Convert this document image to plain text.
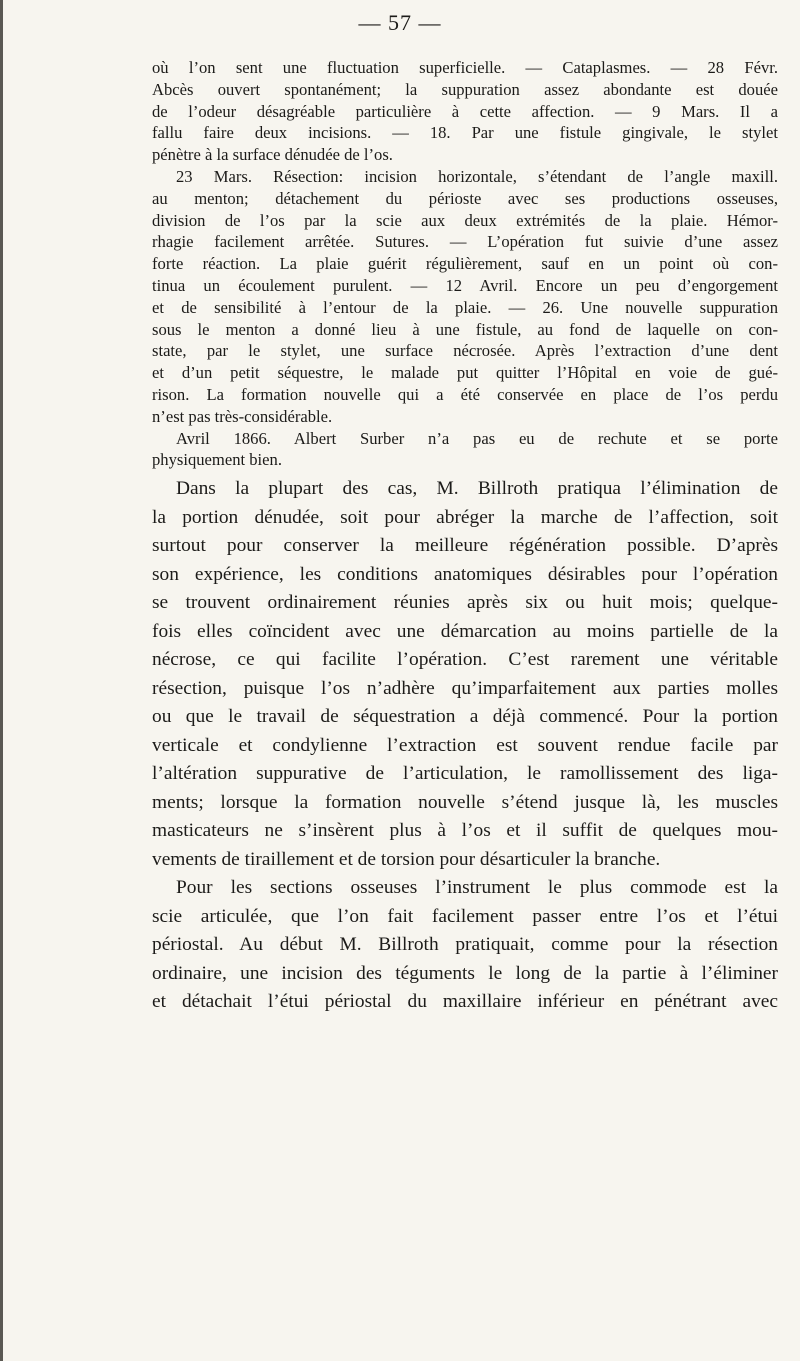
— 57 —
où l’on sent une fluctuation superficielle. — Cataplasmes. — 28 Févr.
Abcès ouvert spontanément; la suppuration assez abondante est douée
de l’odeur désagréable particulière à cette affection. — 9 Mars. Il a
fallu faire deux incisions. — 18. Par une fistule gingivale, le stylet
pénètre à la surface dénudée de l’os.
23 Mars. Résection: incision horizontale, s’étendant de l’angle maxill.
au menton; détachement du périoste avec ses productions osseuses,
division de l’os par la scie aux deux extrémités de la plaie. Hémor-
rhagie facilement arrêtée. Sutures. — L’opération fut suivie d’une assez
forte réaction. La plaie guérit régulièrement, sauf en un point où con-
tinua un écoulement purulent. — 12 Avril. Encore un peu d’engorgement
et de sensibilité à l’entour de la plaie. — 26. Une nouvelle suppuration
sous le menton a donné lieu à une fistule, au fond de laquelle on con-
state, par le stylet, une surface nécrosée. Après l’extraction d’une dent
et d’un petit séquestre, le malade put quitter l’Hôpital en voie de gué-
rison. La formation nouvelle qui a été conservée en place de l’os perdu
n’est pas très-considérable.
Avril 1866. Albert Surber n’a pas eu de rechute et se porte
physiquement bien.
Dans la plupart des cas, M. Billroth pratiqua l’élimination de
la portion dénudée, soit pour abréger la marche de l’affection, soit
surtout pour conserver la meilleure régénération possible. D’après
son expérience, les conditions anatomiques désirables pour l’opération
se trouvent ordinairement réunies après six ou huit mois; quelque-
fois elles coïncident avec une démarcation au moins partielle de la
nécrose, ce qui facilite l’opération. C’est rarement une véritable
résection, puisque l’os n’adhère qu’imparfaitement aux parties molles
ou que le travail de séquestration a déjà commencé. Pour la portion
verticale et condylienne l’extraction est souvent rendue facile par
l’altération suppurative de l’articulation, le ramollissement des liga-
ments; lorsque la formation nouvelle s’étend jusque là, les muscles
masticateurs ne s’insèrent plus à l’os et il suffit de quelques mou-
vements de tiraillement et de torsion pour désarticuler la branche.
Pour les sections osseuses l’instrument le plus commode est la
scie articulée, que l’on fait facilement passer entre l’os et l’étui
périostal. Au début M. Billroth pratiquait, comme pour la résection
ordinaire, une incision des téguments le long de la partie à l’éliminer
et détachait l’étui périostal du maxillaire inférieur en pénétrant avec
